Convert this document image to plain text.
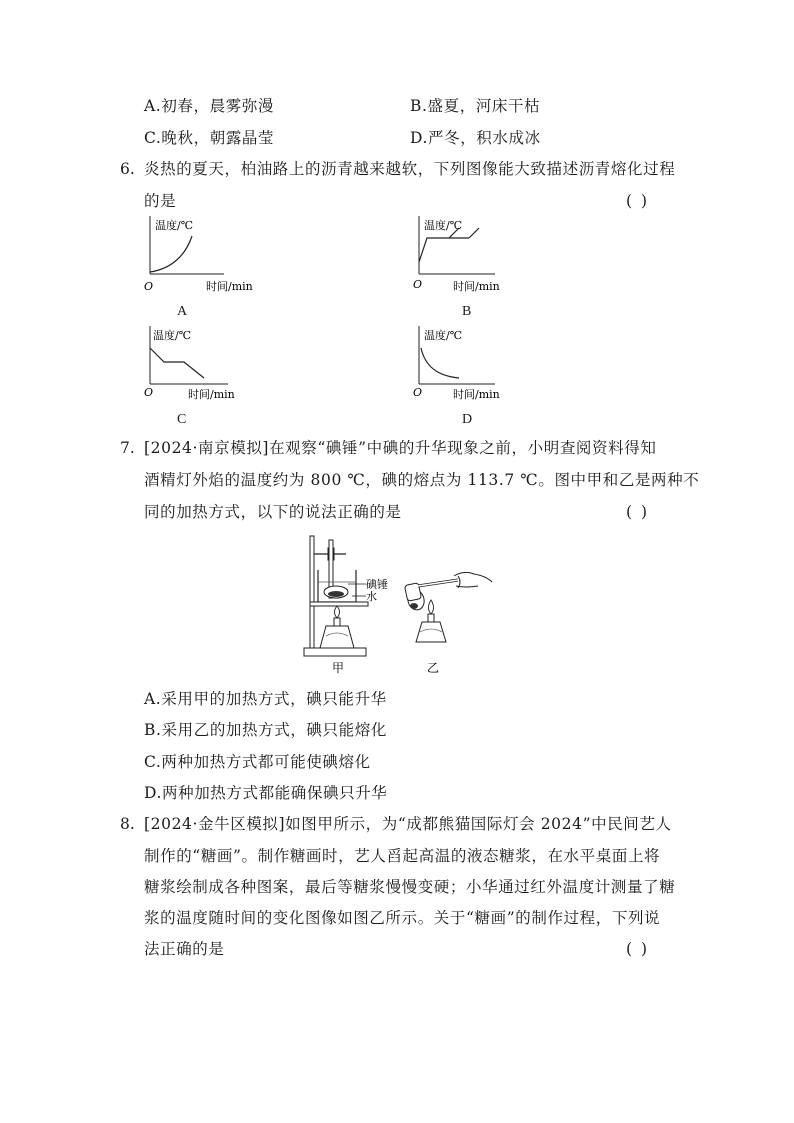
A.初春，晨雾弥漫	B.盛夏，河床干枯
C.晚秋，朝露晶莹	D.严冬，积水成冰
6. 炎热的夏天，柏油路上的沥青越来越软，下列图像能大致描述沥青熔化过程
的是	( )
温度/℃
时间/min
O
A
温度/℃
时间/min
O
B
温度/℃
时间/min
O
C
温度/℃
时间/min
O
D
7. [2024·南京模拟]在观察“碘锤”中碘的升华现象之前，小明查阅资料得知
酒精灯外焰的温度约为 800 ℃，碘的熔点为 113.7 ℃。图中甲和乙是两种不
同的加热方式，以下的说法正确的是	( )
碘锤
水
甲	乙
A.采用甲的加热方式，碘只能升华
B.采用乙的加热方式，碘只能熔化
C.两种加热方式都可能使碘熔化
D.两种加热方式都能确保碘只升华
8. [2024·金牛区模拟]如图甲所示，为“成都熊猫国际灯会 2024”中民间艺人
制作的“糖画”。制作糖画时，艺人舀起高温的液态糖浆，在水平桌面上将
糖浆绘制成各种图案，最后等糖浆慢慢变硬；小华通过红外温度计测量了糖
浆的温度随时间的变化图像如图乙所示。关于“糖画”的制作过程，下列说
法正确的是	( )
